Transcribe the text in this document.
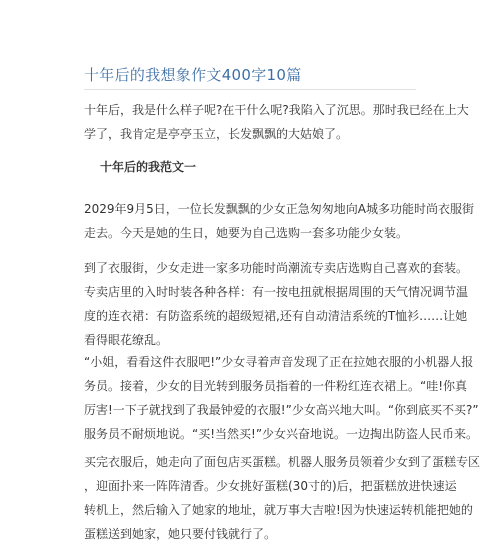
十年后的我想象作文400字10篇

十年后，我是什么样子呢?在干什么呢?我陷入了沉思。那时我已经在上大
学了，我肯定是亭亭玉立，长发飘飘的大姑娘了。

十年后的我范文一

2029年9月5日，一位长发飘飘的少女正急匆匆地向A城多功能时尚衣服街
走去。今天是她的生日，她要为自己选购一套多功能少女装。

到了衣服街，少女走进一家多功能时尚潮流专卖店选购自己喜欢的套装。
专卖店里的入时时装各种各样：有一按电扭就根据周围的天气情况调节温
度的连衣裙：有防盗系统的超级短裙,还有自动清洁系统的T恤衫……让她
看得眼花缭乱。

“小姐，看看这件衣服吧!”少女寻着声音发现了正在拉她衣服的小机器人报
务员。接着，少女的目光转到服务员指着的一件粉红连衣裙上。“哇!你真
厉害!一下子就找到了我最钟爱的衣服!”少女高兴地大叫。“你到底买不买?”
服务员不耐烦地说。“买!当然买!”少女兴奋地说。一边掏出防盗人民币来。

买完衣服后，她走向了面包店买蛋糕。机器人服务员领着少女到了蛋糕专区
，迎面扑来一阵阵清香。少女挑好蛋糕(30寸的)后，把蛋糕放进快速运
转机上，然后输入了她家的地址，就万事大吉啦!因为快速运转机能把她的
蛋糕送到她家，她只要付钱就行了。
